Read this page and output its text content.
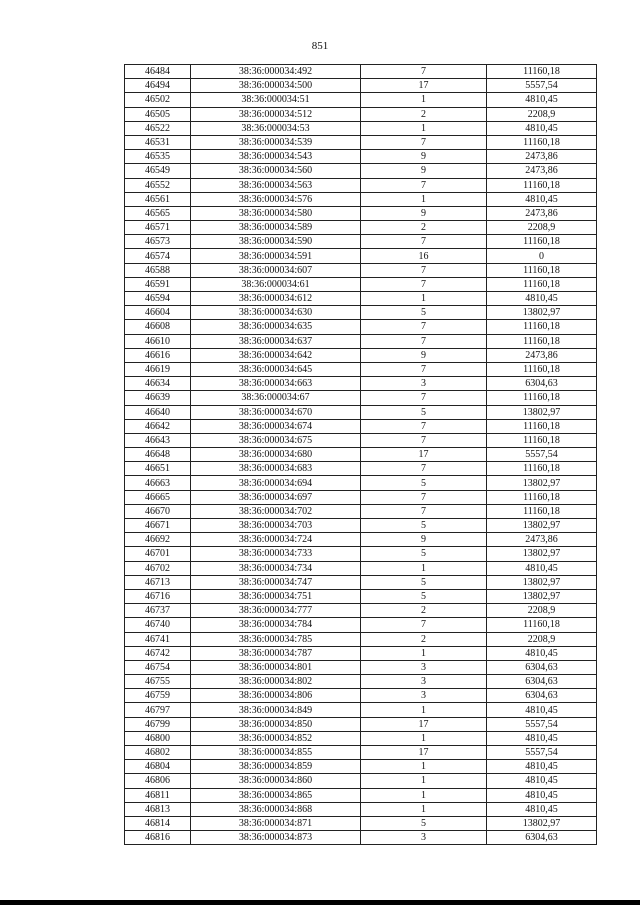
851
46484	38:36:000034:492	7	11160,18
46494	38:36:000034:500	17	5557,54
46502	38:36:000034:51	1	4810,45
46505	38:36:000034:512	2	2208,9
46522	38:36:000034:53	1	4810,45
46531	38:36:000034:539	7	11160,18
46535	38:36:000034:543	9	2473,86
46549	38:36:000034:560	9	2473,86
46552	38:36:000034:563	7	11160,18
46561	38:36:000034:576	1	4810,45
46565	38:36:000034:580	9	2473,86
46571	38:36:000034:589	2	2208,9
46573	38:36:000034:590	7	11160,18
46574	38:36:000034:591	16	0
46588	38:36:000034:607	7	11160,18
46591	38:36:000034:61	7	11160,18
46594	38:36:000034:612	1	4810,45
46604	38:36:000034:630	5	13802,97
46608	38:36:000034:635	7	11160,18
46610	38:36:000034:637	7	11160,18
46616	38:36:000034:642	9	2473,86
46619	38:36:000034:645	7	11160,18
46634	38:36:000034:663	3	6304,63
46639	38:36:000034:67	7	11160,18
46640	38:36:000034:670	5	13802,97
46642	38:36:000034:674	7	11160,18
46643	38:36:000034:675	7	11160,18
46648	38:36:000034:680	17	5557,54
46651	38:36:000034:683	7	11160,18
46663	38:36:000034:694	5	13802,97
46665	38:36:000034:697	7	11160,18
46670	38:36:000034:702	7	11160,18
46671	38:36:000034:703	5	13802,97
46692	38:36:000034:724	9	2473,86
46701	38:36:000034:733	5	13802,97
46702	38:36:000034:734	1	4810,45
46713	38:36:000034:747	5	13802,97
46716	38:36:000034:751	5	13802,97
46737	38:36:000034:777	2	2208,9
46740	38:36:000034:784	7	11160,18
46741	38:36:000034:785	2	2208,9
46742	38:36:000034:787	1	4810,45
46754	38:36:000034:801	3	6304,63
46755	38:36:000034:802	3	6304,63
46759	38:36:000034:806	3	6304,63
46797	38:36:000034:849	1	4810,45
46799	38:36:000034:850	17	5557,54
46800	38:36:000034:852	1	4810,45
46802	38:36:000034:855	17	5557,54
46804	38:36:000034:859	1	4810,45
46806	38:36:000034:860	1	4810,45
46811	38:36:000034:865	1	4810,45
46813	38:36:000034:868	1	4810,45
46814	38:36:000034:871	5	13802,97
46816	38:36:000034:873	3	6304,63
